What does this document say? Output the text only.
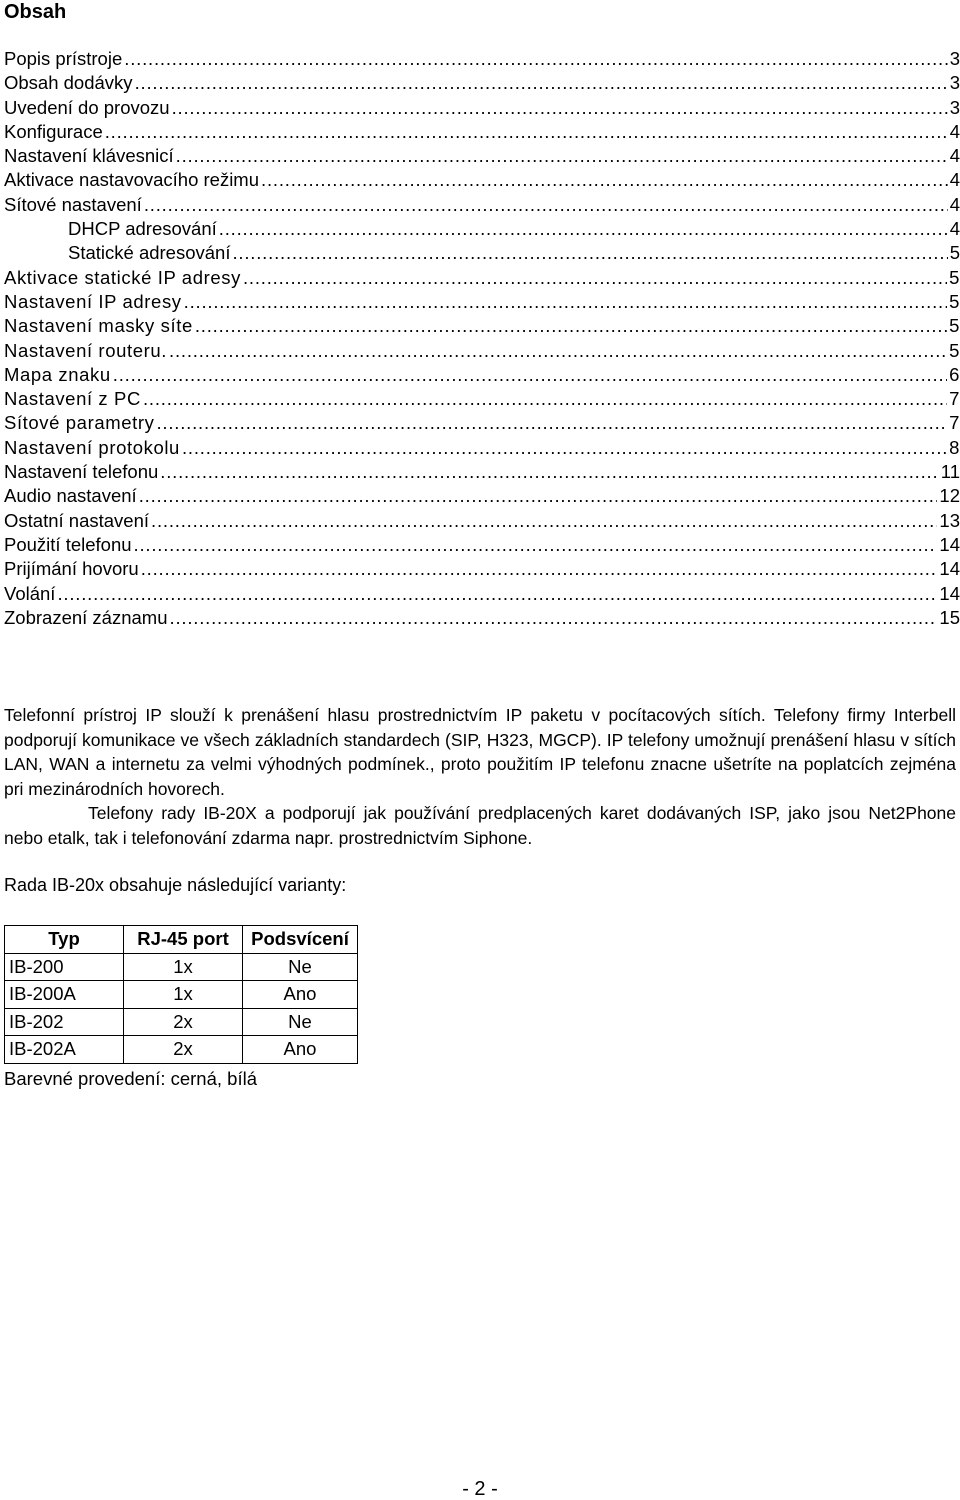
Obsah
Popis prístroje .....	3
Obsah dodávky .....	3
Uvedení do provozu .....	3
Konfigurace .....	4
Nastavení klávesnicí .....	4
Aktivace nastavovacího režimu .....	4
Sítové nastavení .....	4
DHCP adresování .....	4
Statické adresování .....	5
Aktivace statické IP adresy .....	5
Nastavení IP adresy .....	5
Nastavení masky síte .....	5
Nastavení routeru. .....	5
Mapa znaku .....	6
Nastavení z PC .....	7
Sítové parametry .....	7
Nastavení protokolu .....	8
Nastavení telefonu .....	11
Audio nastavení .....	12
Ostatní nastavení .....	13
Použití telefonu .....	14
Prijímání hovoru .....	14
Volání .....	14
Zobrazení záznamu .....	15

Telefonní prístroj IP slouží k prenášení hlasu prostrednictvím IP paketu v pocítacových sítích. Telefony firmy Interbell podporují komunikace ve všech základních standardech (SIP, H323, MGCP). IP telefony umožnují prenášení hlasu v sítích LAN, WAN a internetu za velmi výhodných podmínek., proto použitím IP telefonu znacne ušetríte na poplatcích zejména pri mezinárodních hovorech.

Telefony rady IB-20X a podporují jak používání predplacených karet dodávaných ISP, jako jsou Net2Phone nebo etalk, tak i telefonování zdarma napr. prostrednictvím Siphone.

Rada IB-20x obsahuje následující varianty:
Typ	RJ-45 port	Podsvícení
IB-200	1x	Ne
IB-200A	1x	Ano
IB-202	2x	Ne
IB-202A	2x	Ano
Barevné provedení: cerná, bílá
- 2 -
